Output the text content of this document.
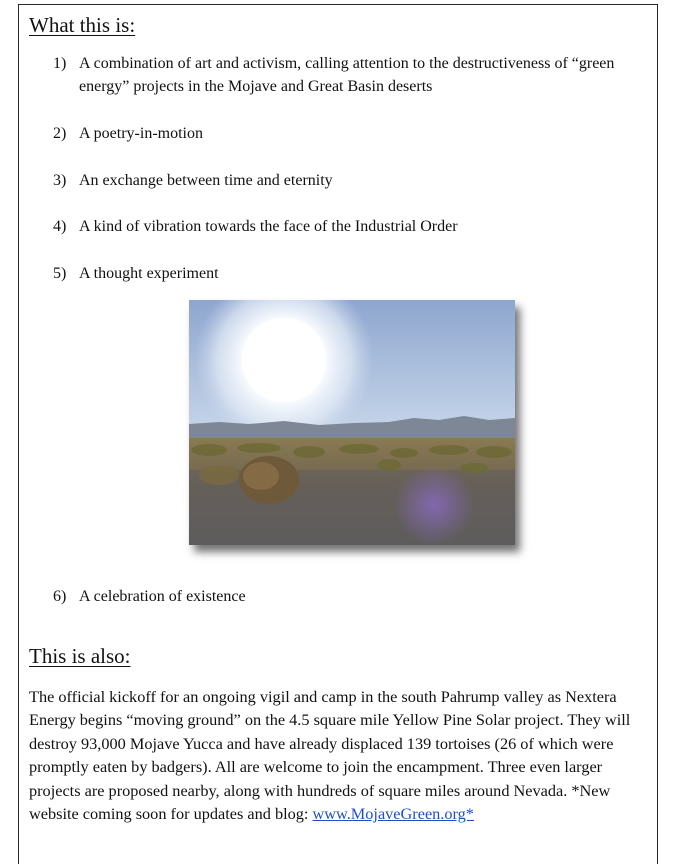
What this is:
1) A combination of art and activism, calling attention to the destructiveness of “green energy” projects in the Mojave and Great Basin deserts
2) A poetry-in-motion
3) An exchange between time and eternity
4) A kind of vibration towards the face of the Industrial Order
5) A thought experiment
6) A celebration of existence
This is also:

The official kickoff for an ongoing vigil and camp in the south Pahrump valley as Nextera Energy begins “moving ground” on the 4.5 square mile Yellow Pine Solar project. They will destroy 93,000 Mojave Yucca and have already displaced 139 tortoises (26 of which were promptly eaten by badgers). All are welcome to join the encampment. Three even larger projects are proposed nearby, along with hundreds of square miles around Nevada. *New website coming soon for updates and blog: www.MojaveGreen.org*
